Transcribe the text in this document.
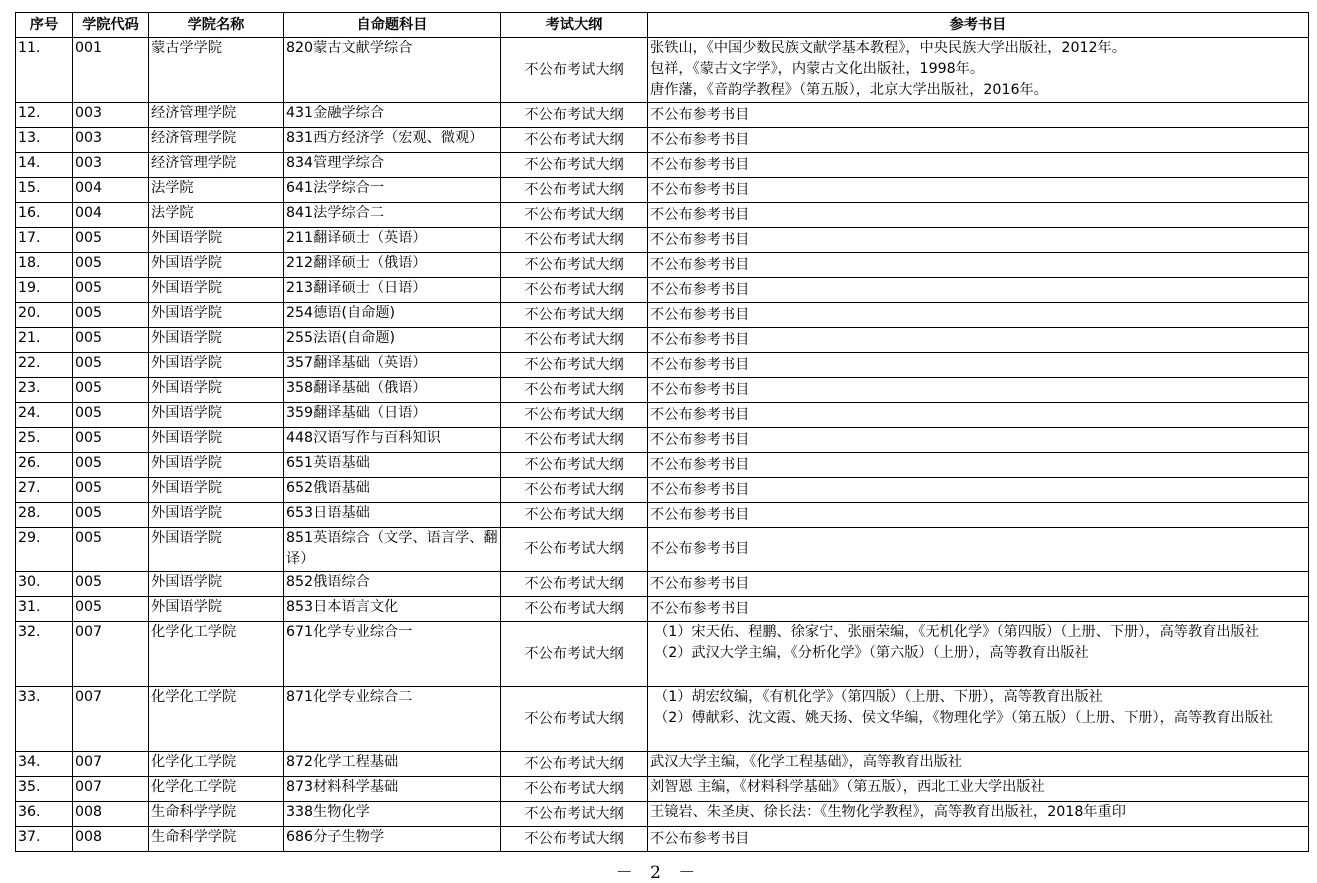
序号	学院代码	学院名称	自命题科目	考试大纲	参考书目
11.	001	蒙古学学院	820蒙古文献学综合	不公布考试大纲	张铁山，《中国少数民族文献学基本教程》，中央民族大学出版社，2012年。
包祥，《蒙古文字学》，内蒙古文化出版社，1998年。
唐作藩，《音韵学教程》（第五版），北京大学出版社，2016年。

12.	003	经济管理学院	431金融学综合	不公布考试大纲	不公布参考书目

13.	003	经济管理学院	831西方经济学（宏观、微观）	不公布考试大纲	不公布参考书目

14.	003	经济管理学院	834管理学综合	不公布考试大纲	不公布参考书目

15.	004	法学院	641法学综合一	不公布考试大纲	不公布参考书目

16.	004	法学院	841法学综合二	不公布考试大纲	不公布参考书目

17.	005	外国语学院	211翻译硕士（英语）	不公布考试大纲	不公布参考书目

18.	005	外国语学院	212翻译硕士（俄语）	不公布考试大纲	不公布参考书目

19.	005	外国语学院	213翻译硕士（日语）	不公布考试大纲	不公布参考书目

20.	005	外国语学院	254德语(自命题)	不公布考试大纲	不公布参考书目

21.	005	外国语学院	255法语(自命题)	不公布考试大纲	不公布参考书目

22.	005	外国语学院	357翻译基础（英语）	不公布考试大纲	不公布参考书目

23.	005	外国语学院	358翻译基础（俄语）	不公布考试大纲	不公布参考书目

24.	005	外国语学院	359翻译基础（日语）	不公布考试大纲	不公布参考书目

25.	005	外国语学院	448汉语写作与百科知识	不公布考试大纲	不公布参考书目

26.	005	外国语学院	651英语基础	不公布考试大纲	不公布参考书目

27.	005	外国语学院	652俄语基础	不公布考试大纲	不公布参考书目

28.	005	外国语学院	653日语基础	不公布考试大纲	不公布参考书目

29.	005	外国语学院	851英语综合（文学、语言学、翻译）	不公布考试大纲	不公布参考书目

30.	005	外国语学院	852俄语综合	不公布考试大纲	不公布参考书目

31.	005	外国语学院	853日本语言文化	不公布考试大纲	不公布参考书目

32.	007	化学化工学院	671化学专业综合一	不公布考试大纲	（1）宋天佑、程鹏、徐家宁、张丽荣编，《无机化学》（第四版）（上册、下册），高等教育出版社
（2）武汉大学主编，《分析化学》（第六版）（上册），高等教育出版社

33.	007	化学化工学院	871化学专业综合二	不公布考试大纲	（1）胡宏纹编，《有机化学》（第四版）（上册、下册），高等教育出版社
（2）傅献彩、沈文霞、姚天扬、侯文华编，《物理化学》（第五版）（上册、下册），高等教育出版社

34.	007	化学化工学院	872化学工程基础	不公布考试大纲	武汉大学主编，《化学工程基础》，高等教育出版社

35.	007	化学化工学院	873材料科学基础	不公布考试大纲	刘智恩 主编，《材料科学基础》（第五版），西北工业大学出版社

36.	008	生命科学学院	338生物化学	不公布考试大纲	王镜岩、朱圣庚、徐长法：《生物化学教程》，高等教育出版社，2018年重印

37.	008	生命科学学院	686分子生物学	不公布考试大纲	不公布参考书目
－ 2 －
